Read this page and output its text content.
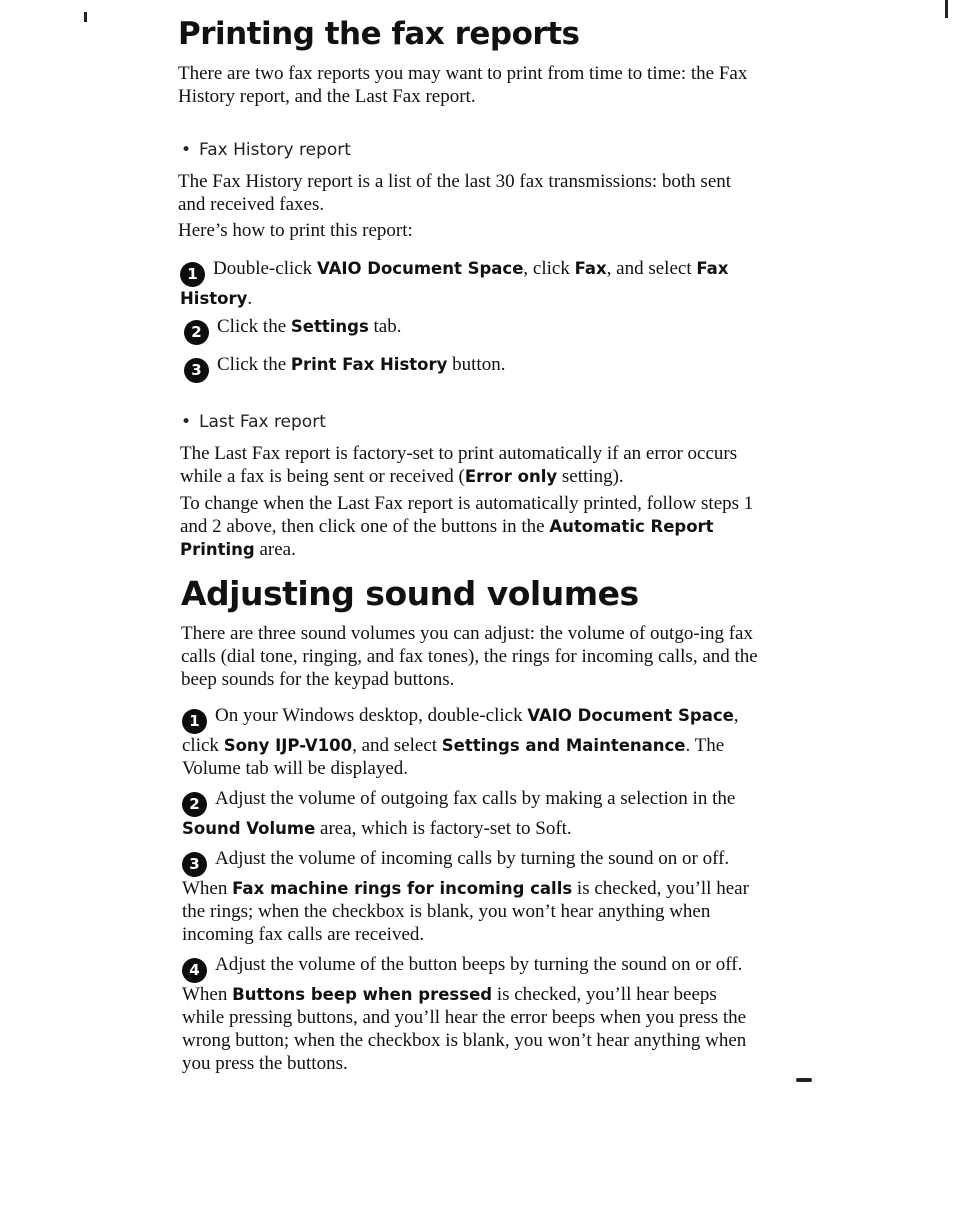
Printing the fax reports

There are two fax reports you may want to print from time to time: the Fax History report, and the Last Fax report.

• Fax History report

The Fax History report is a list of the last 30 fax transmissions: both sent and received faxes.

Here’s how to print this report:

1 Double-click VAIO Document Space, click Fax, and select Fax History.

2 Click the Settings tab.

3 Click the Print Fax History button.

• Last Fax report

The Last Fax report is factory-set to print automatically if an error occurs while a fax is being sent or received (Error only setting).

To change when the Last Fax report is automatically printed, follow steps 1 and 2 above, then click one of the buttons in the Automatic Report Printing area.

Adjusting sound volumes

There are three sound volumes you can adjust: the volume of outgo-ing fax calls (dial tone, ringing, and fax tones), the rings for incoming calls, and the beep sounds for the keypad buttons.

1 On your Windows desktop, double-click VAIO Document Space, click Sony IJP-V100, and select Settings and Maintenance. The Volume tab will be displayed.

2 Adjust the volume of outgoing fax calls by making a selection in the Sound Volume area, which is factory-set to Soft.

3 Adjust the volume of incoming calls by turning the sound on or off. When Fax machine rings for incoming calls is checked, you’ll hear the rings; when the checkbox is blank, you won’t hear anything when incoming fax calls are received.

4 Adjust the volume of the button beeps by turning the sound on or off. When Buttons beep when pressed is checked, you’ll hear beeps while pressing buttons, and you’ll hear the error beeps when you press the wrong button; when the checkbox is blank, you won’t hear anything when you press the buttons.
